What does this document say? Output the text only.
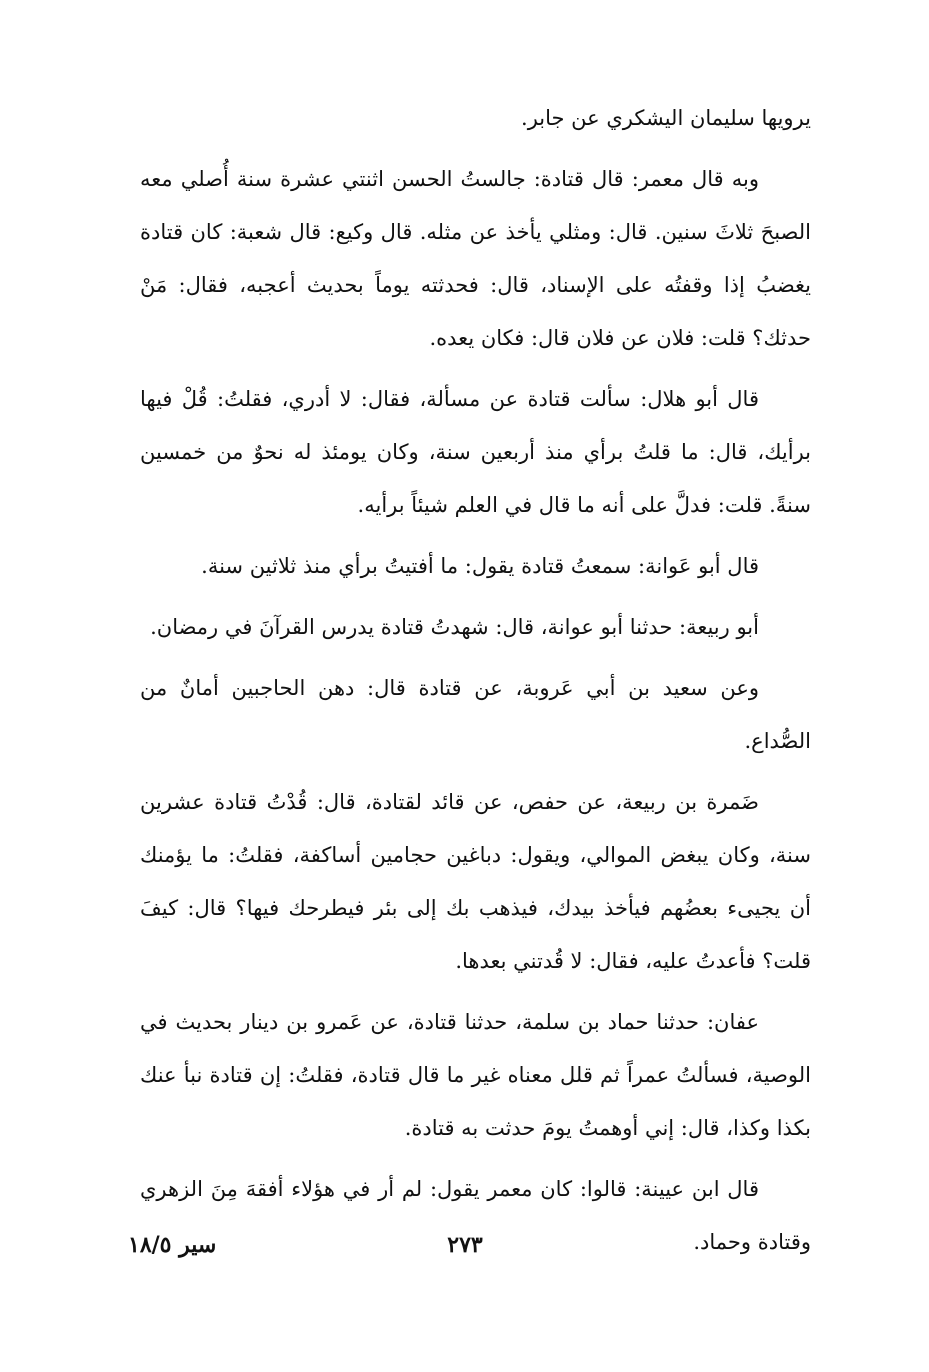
يرويها سليمان اليشكري عن جابر.

وبه قال معمر: قال قتادة: جالستُ الحسن اثنتي عشرة سنة أُصلي معه الصبحَ ثلاثَ سنين. قال: ومثلي يأخذ عن مثله. قال وكيع: قال شعبة: كان قتادة يغضبُ إذا وقفتُه على الإسناد، قال: فحدثته يوماً بحديث أعجبه، فقال: مَنْ حدثك؟ قلت: فلان عن فلان قال: فكان يعده.

قال أبو هلال: سألت قتادة عن مسألة، فقال: لا أدري، فقلتُ: قُلْ فيها برأيك، قال: ما قلتُ برأي منذ أربعين سنة، وكان يومئذ له نحوٌ من خمسين سنةً. قلت: فدلَّ على أنه ما قال في العلم شيئاً برأيه.

قال أبو عَوانة: سمعتُ قتادة يقول: ما أفتيتُ برأي منذ ثلاثين سنة.

أبو ربيعة: حدثنا أبو عوانة، قال: شهدتُ قتادة يدرس القرآنَ في رمضان.

وعن سعيد بن أبي عَروبة، عن قتادة قال: دهن الحاجبين أمانٌ من الصُّداع.

ضَمرة بن ربيعة، عن حفص، عن قائد لقتادة، قال: قُدْتُ قتادة عشرين سنة، وكان يبغض الموالي، ويقول: دباغين حجامين أساكفة، فقلتُ: ما يؤمنك أن يجيىء بعضُهم فيأخذ بيدك، فيذهب بك إلى بئر فيطرحك فيها؟ قال: كيفَ قلت؟ فأعدتُ عليه، فقال: لا قُدتني بعدها.

عفان: حدثنا حماد بن سلمة، حدثنا قتادة، عن عَمرو بن دينار بحديث في الوصية، فسألتُ عمراً ثم قلل معناه غير ما قال قتادة، فقلتُ: إن قتادة نبأ عنك بكذا وكذا، قال: إني أوهمتُ يومَ حدثت به قتادة.

قال ابن عيينة: قالوا: كان معمر يقول: لم أر في هؤلاء أفقهَ مِنَ الزهري وقتادة وحماد.

٢٧٣
سير ١٨/٥
